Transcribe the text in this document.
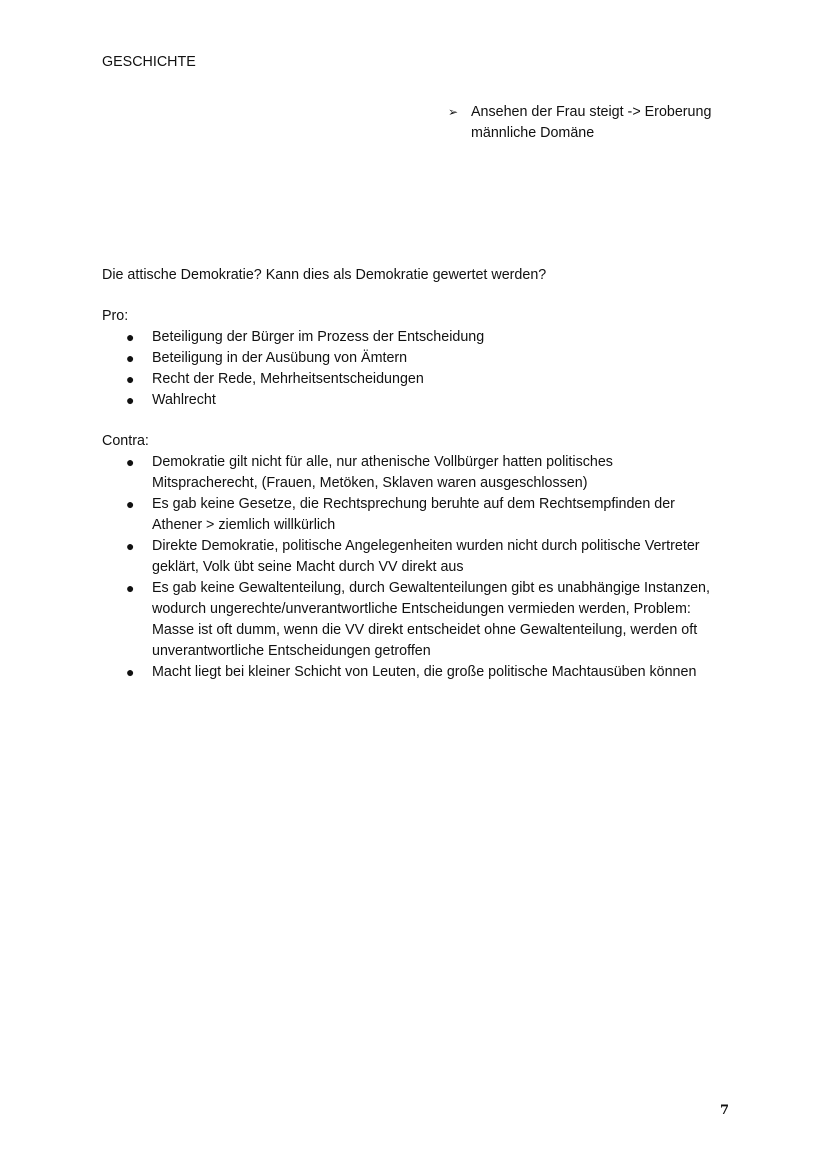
GESCHICHTE
➢ Ansehen der Frau steigt -> Eroberung männliche Domäne
Die attische Demokratie? Kann dies als Demokratie gewertet werden?
Pro:
● Beteiligung der Bürger im Prozess der Entscheidung
● Beteiligung in der Ausübung von Ämtern
● Recht der Rede, Mehrheitsentscheidungen
● Wahlrecht
Contra:
● Demokratie gilt nicht für alle, nur athenische Vollbürger hatten politisches Mitspracherecht, (Frauen, Metöken, Sklaven waren ausgeschlossen)
● Es gab keine Gesetze, die Rechtsprechung beruhte auf dem Rechtsempfinden der Athener > ziemlich willkürlich
● Direkte Demokratie, politische Angelegenheiten wurden nicht durch politische Vertreter geklärt, Volk übt seine Macht durch VV direkt aus
● Es gab keine Gewaltenteilung, durch Gewaltenteilungen gibt es unabhängige Instanzen, wodurch ungerechte/unverantwortliche Entscheidungen vermieden werden, Problem: Masse ist oft dumm, wenn die VV direkt entscheidet ohne Gewaltenteilung, werden oft unverantwortliche Entscheidungen getroffen
● Macht liegt bei kleiner Schicht von Leuten, die große politische Machtausüben können
7
